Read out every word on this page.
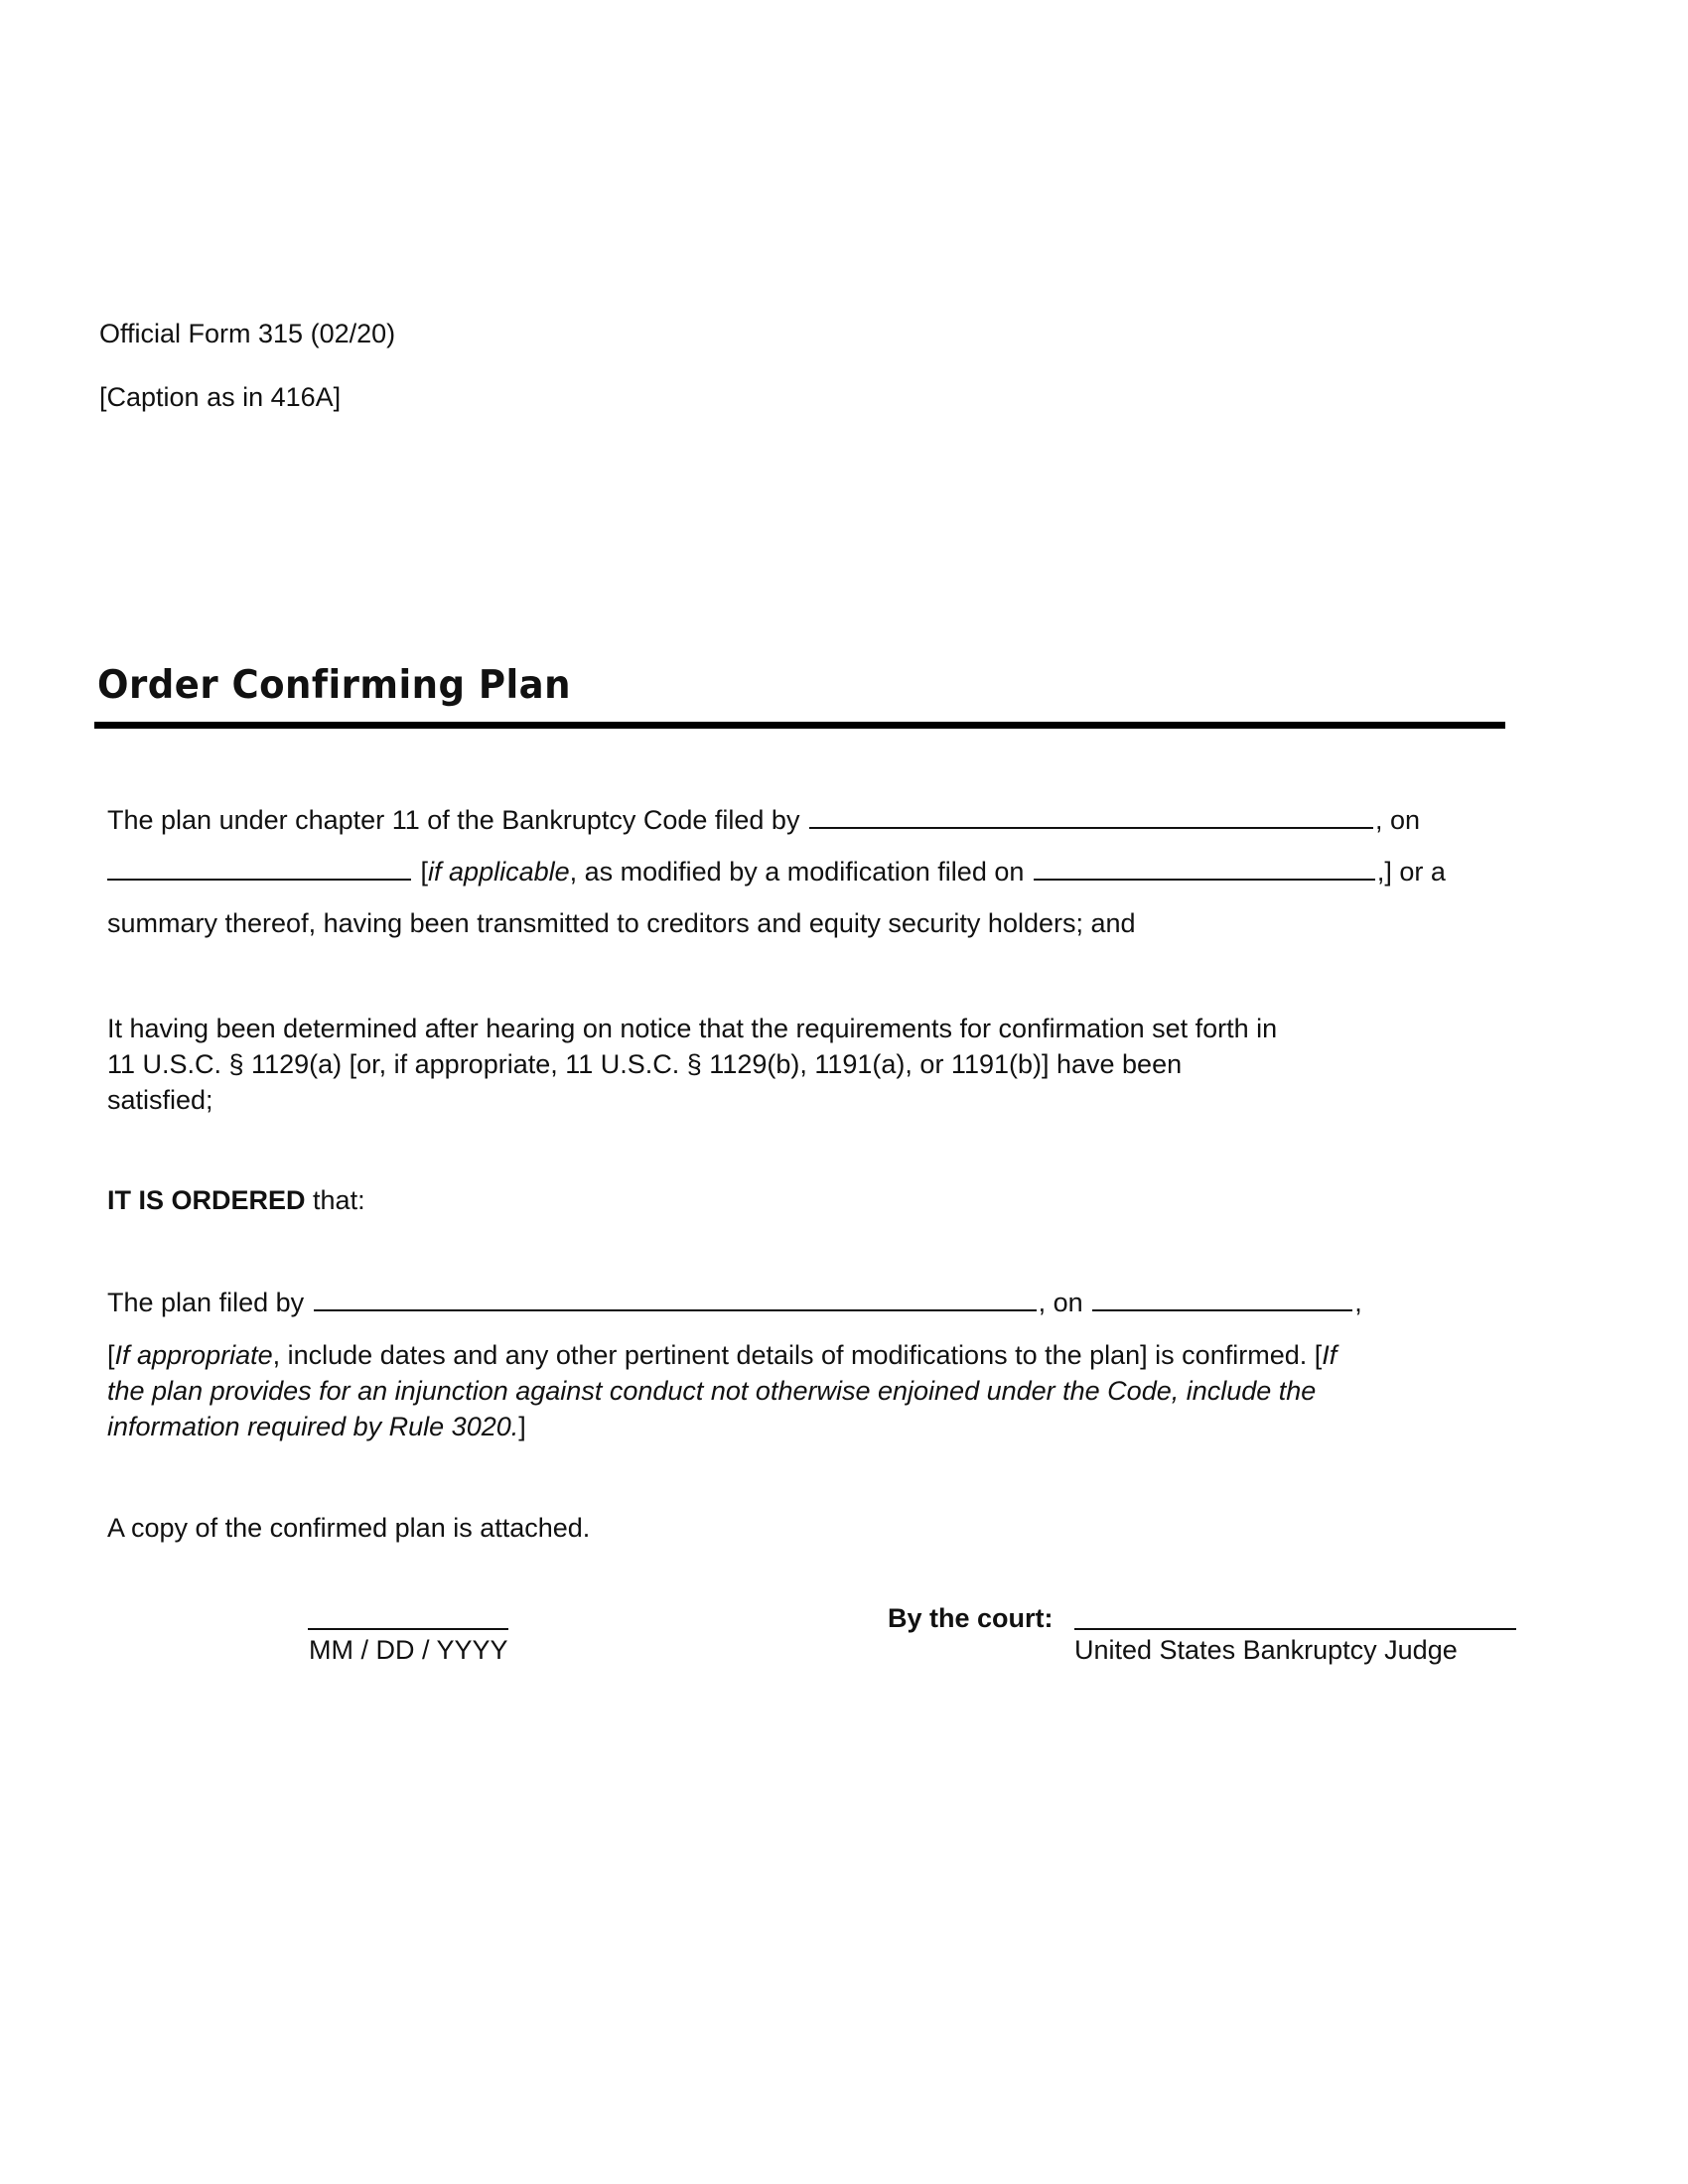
Official Form 315 (02/20)
[Caption as in 416A]
Order Confirming Plan
The plan under chapter 11 of the Bankruptcy Code filed by	, on
[if applicable, as modified by a modification filed on	,] or a
summary thereof, having been transmitted to creditors and equity security holders; and
It having been determined after hearing on notice that the requirements for confirmation set forth in
11 U.S.C. § 1129(a) [or, if appropriate, 11 U.S.C. § 1129(b), 1191(a), or 1191(b)] have been
satisfied;
IT IS ORDERED that:
The plan filed by	, on	,
[If appropriate, include dates and any other pertinent details of modifications to the plan] is confirmed. [If
the plan provides for an injunction against conduct not otherwise enjoined under the Code, include the
information required by Rule 3020.]
A copy of the confirmed plan is attached.
MM / DD / YYYY
By the court:
United States Bankruptcy Judge
